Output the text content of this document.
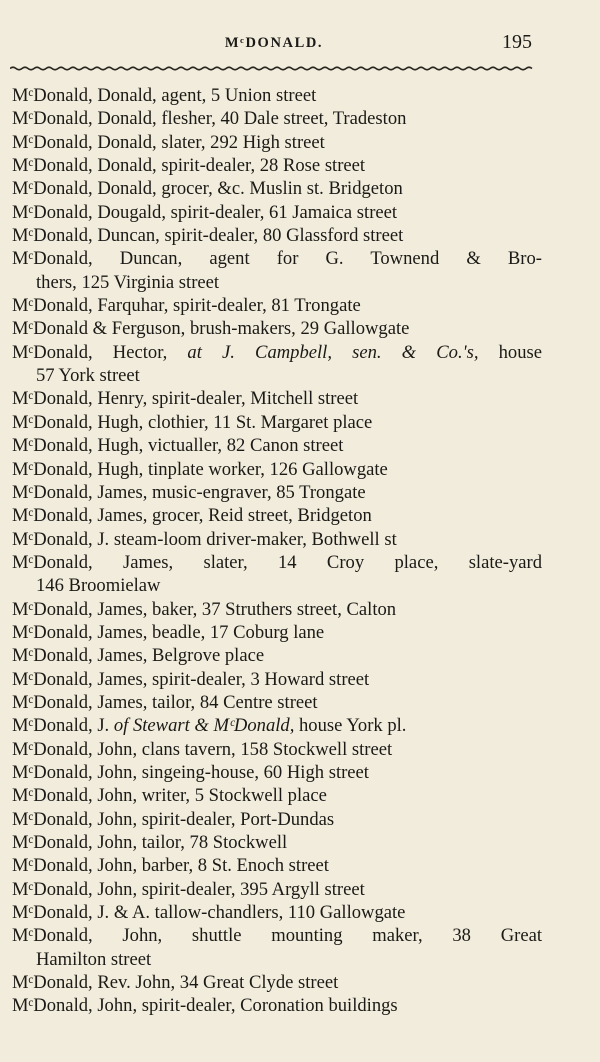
MᶜDONALD.	195
MᶜDonald, Donald, agent, 5 Union street
MᶜDonald, Donald, flesher, 40 Dale street, Tradeston
MᶜDonald, Donald, slater, 292 High street
MᶜDonald, Donald, spirit-dealer, 28 Rose street
MᶜDonald, Donald, grocer, &c. Muslin st. Bridgeton
MᶜDonald, Dougald, spirit-dealer, 61 Jamaica street
MᶜDonald, Duncan, spirit-dealer, 80 Glassford street
MᶜDonald, Duncan, agent for G. Townend & Bro-
thers, 125 Virginia street
MᶜDonald, Farquhar, spirit-dealer, 81 Trongate
MᶜDonald & Ferguson, brush-makers, 29 Gallowgate
MᶜDonald, Hector, at J. Campbell, sen. & Co.'s, house
57 York street
MᶜDonald, Henry, spirit-dealer, Mitchell street
MᶜDonald, Hugh, clothier, 11 St. Margaret place
MᶜDonald, Hugh, victualler, 82 Canon street
MᶜDonald, Hugh, tinplate worker, 126 Gallowgate
MᶜDonald, James, music-engraver, 85 Trongate
MᶜDonald, James, grocer, Reid street, Bridgeton
MᶜDonald, J. steam-loom driver-maker, Bothwell st
MᶜDonald, James, slater, 14 Croy place, slate-yard
146 Broomielaw
MᶜDonald, James, baker, 37 Struthers street, Calton
MᶜDonald, James, beadle, 17 Coburg lane
MᶜDonald, James, Belgrove place
MᶜDonald, James, spirit-dealer, 3 Howard street
MᶜDonald, James, tailor, 84 Centre street
MᶜDonald, J. of Stewart & MᶜDonald, house York pl.
MᶜDonald, John, clans tavern, 158 Stockwell street
MᶜDonald, John, singeing-house, 60 High street
MᶜDonald, John, writer, 5 Stockwell place
MᶜDonald, John, spirit-dealer, Port-Dundas
MᶜDonald, John, tailor, 78 Stockwell
MᶜDonald, John, barber, 8 St. Enoch street
MᶜDonald, John, spirit-dealer, 395 Argyll street
MᶜDonald, J. & A. tallow-chandlers, 110 Gallowgate
MᶜDonald, John, shuttle mounting maker, 38 Great
Hamilton street
MᶜDonald, Rev. John, 34 Great Clyde street
MᶜDonald, John, spirit-dealer, Coronation buildings
